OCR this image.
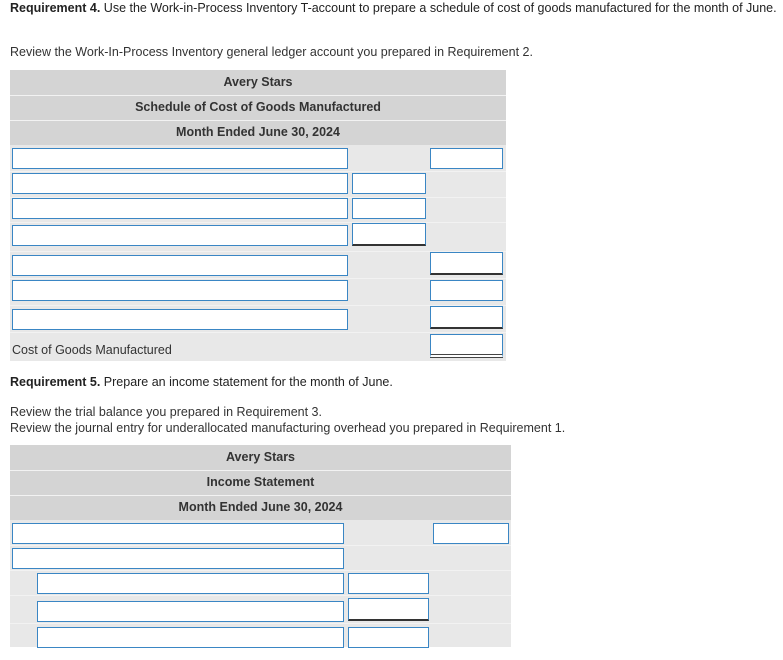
Requirement 4. Use the Work-in-Process Inventory T-account to prepare a schedule of cost of goods manufactured for the month of June.
Review the Work-In-Process Inventory general ledger account you prepared in Requirement 2.
Avery Stars
Schedule of Cost of Goods Manufactured
Month Ended June 30, 2024
Cost of Goods Manufactured
Requirement 5. Prepare an income statement for the month of June.
Review the trial balance you prepared in Requirement 3.
Review the journal entry for underallocated manufacturing overhead you prepared in Requirement 1.
Avery Stars
Income Statement
Month Ended June 30, 2024
